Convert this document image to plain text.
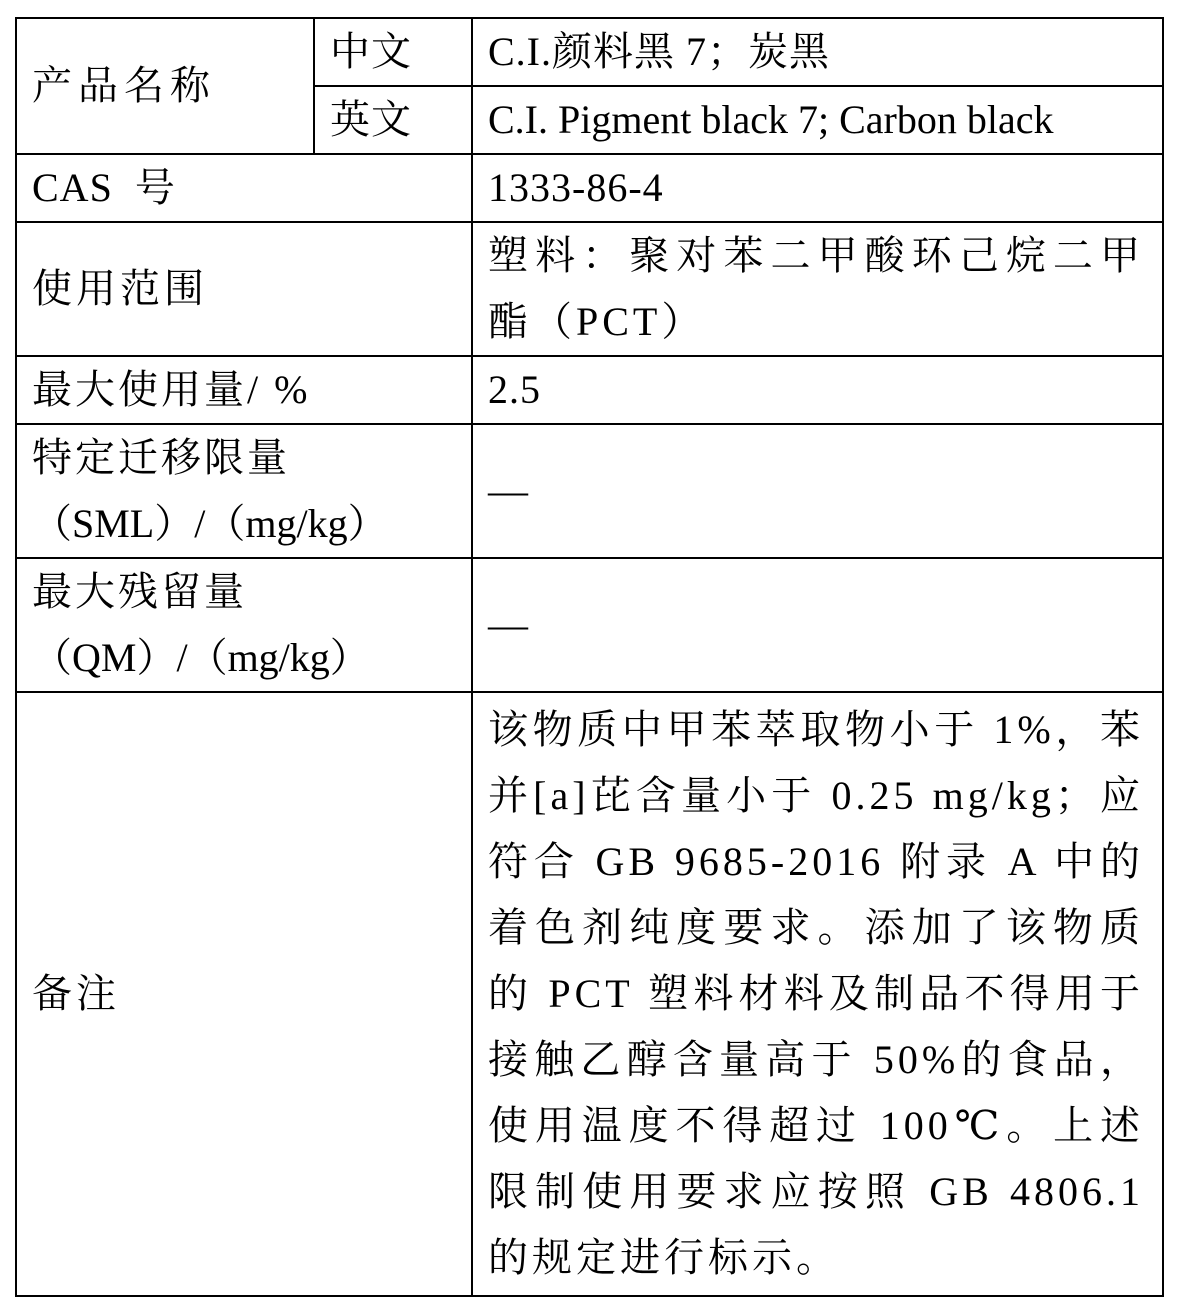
产品名称	中文	C.I.颜料黑 7；炭黑
	英文	C.I. Pigment black 7; Carbon black
CAS  号		1333-86-4
使用范围		塑料：聚对苯二甲酸环己烷二甲酯（PCT）
最大使用量/ %		2.5

特定迁移限量
（SML）/（mg/kg）		—

最大残留量
（QM）/（mg/kg）		—
备注		该物质中甲苯萃取物小于 1%，苯并[a]芘含量小于 0.25 mg/kg；应符合 GB 9685-2016 附录 A 中的着色剂纯度要求。添加了该物质的 PCT 塑料材料及制品不得用于接触乙醇含量高于 50%的食品，使用温度不得超过 100℃。上述限制使用要求应按照 GB 4806.1 的规定进行标示。
